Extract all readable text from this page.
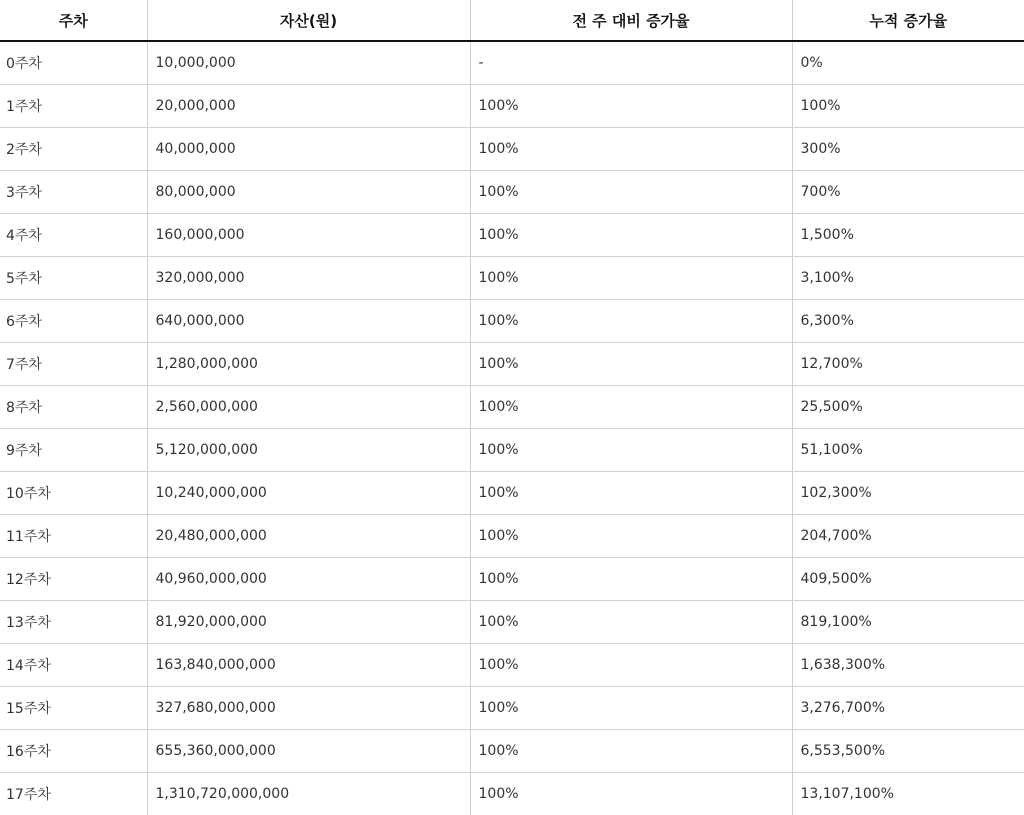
주차	자산(원)	전 주 대비 증가율	누적 증가율
0주차	10,000,000	-	0%
1주차	20,000,000	100%	100%
2주차	40,000,000	100%	300%
3주차	80,000,000	100%	700%
4주차	160,000,000	100%	1,500%
5주차	320,000,000	100%	3,100%
6주차	640,000,000	100%	6,300%
7주차	1,280,000,000	100%	12,700%
8주차	2,560,000,000	100%	25,500%
9주차	5,120,000,000	100%	51,100%
10주차	10,240,000,000	100%	102,300%
11주차	20,480,000,000	100%	204,700%
12주차	40,960,000,000	100%	409,500%
13주차	81,920,000,000	100%	819,100%
14주차	163,840,000,000	100%	1,638,300%
15주차	327,680,000,000	100%	3,276,700%
16주차	655,360,000,000	100%	6,553,500%
17주차	1,310,720,000,000	100%	13,107,100%
